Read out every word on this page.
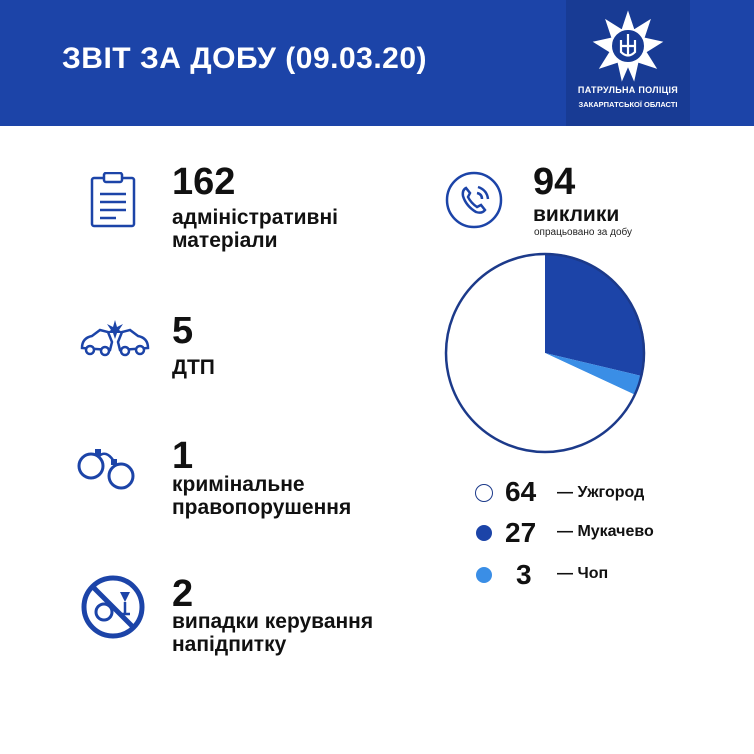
ЗВІТ ЗА ДОБУ (09.03.20)
ПАТРУЛЬНА ПОЛІЦІЯ
ЗАКАРПАТСЬКОЇ ОБЛАСТІ
162
адміністративні
матеріали
5
ДТП
1
кримінальне
правопорушення
2
випадки керування
напідпитку
94
виклики
опрацьовано за добу
64 — Ужгород
27 — Мукачево
3 — Чоп
